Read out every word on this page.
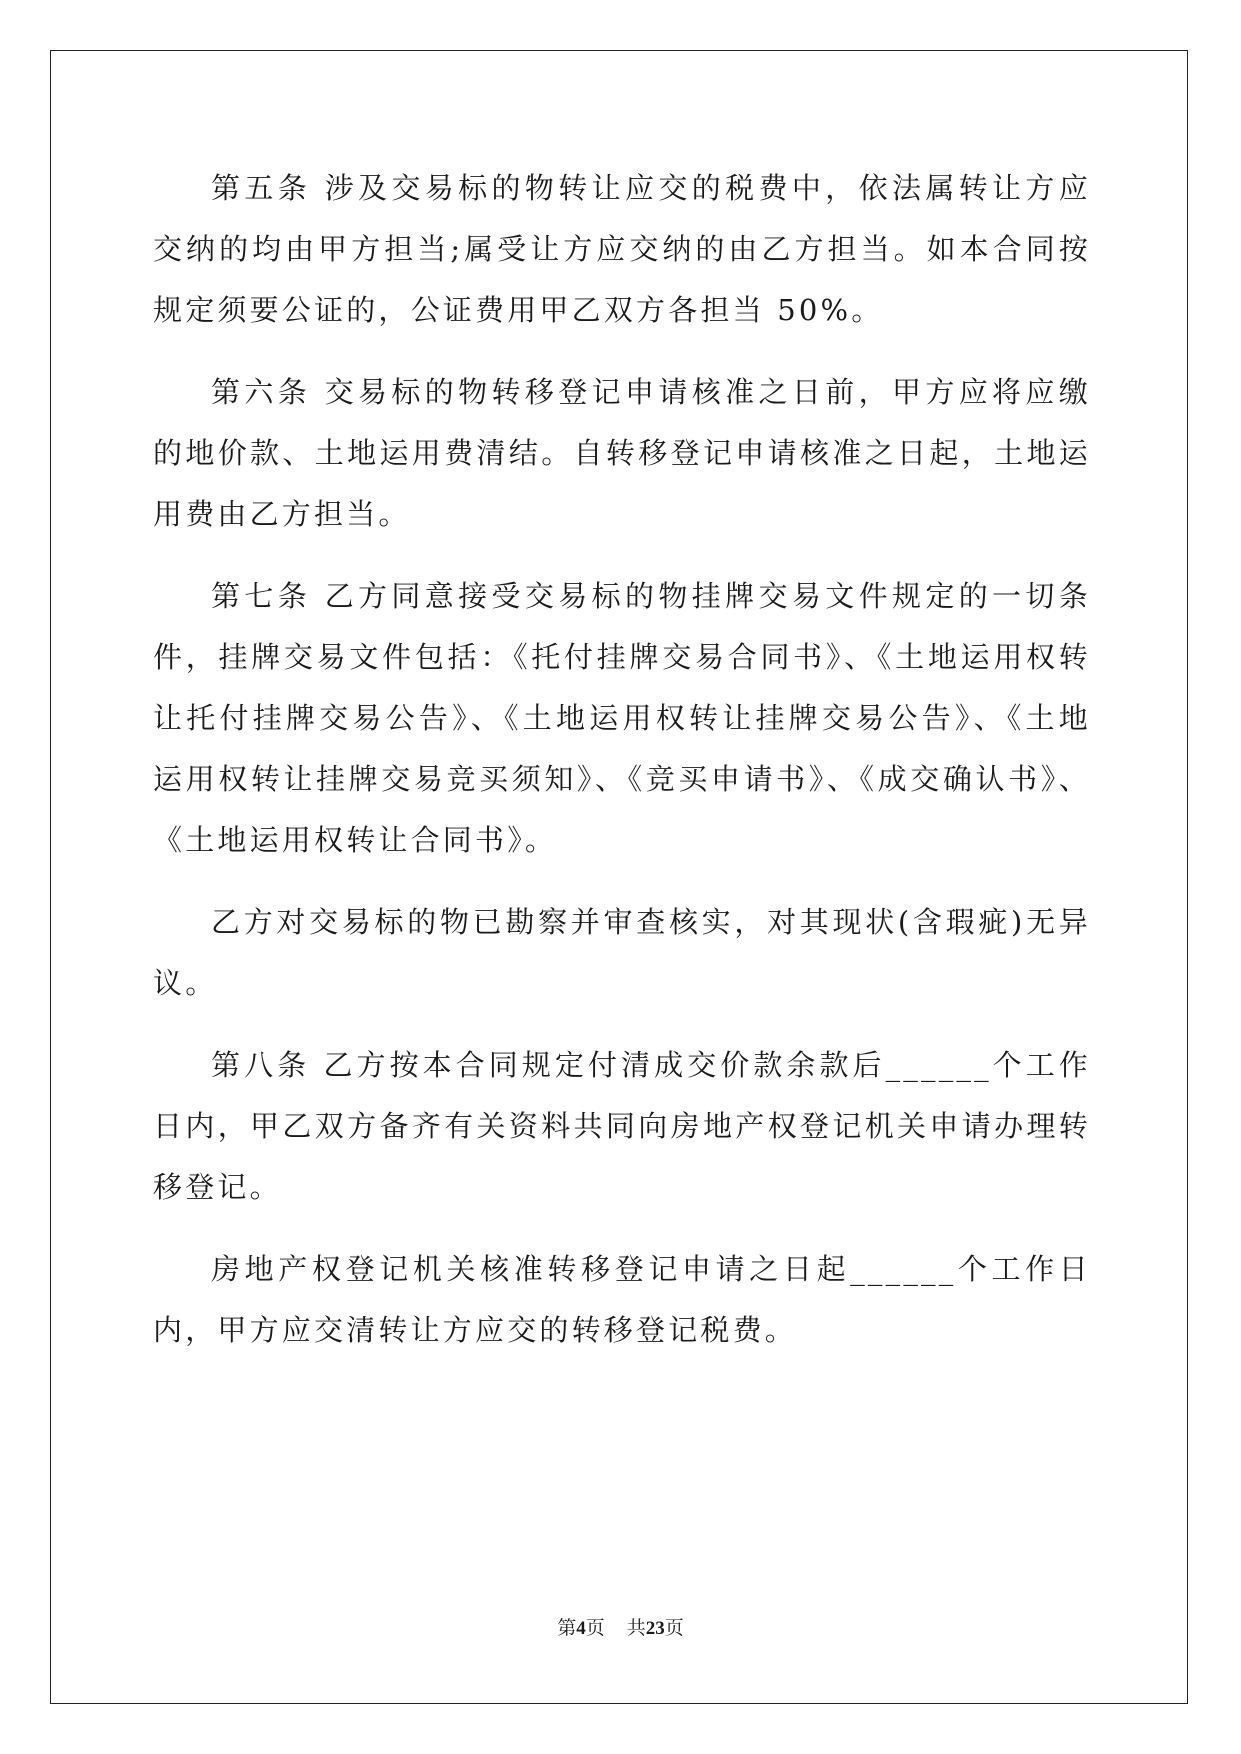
第五条 涉及交易标的物转让应交的税费中，依法属转让方应交纳的均由甲方担当;属受让方应交纳的由乙方担当。如本合同按规定须要公证的，公证费用甲乙双方各担当 50%。

第六条 交易标的物转移登记申请核准之日前，甲方应将应缴的地价款、土地运用费清结。自转移登记申请核准之日起，土地运用费由乙方担当。

第七条 乙方同意接受交易标的物挂牌交易文件规定的一切条件，挂牌交易文件包括：《托付挂牌交易合同书》、《土地运用权转让托付挂牌交易公告》、《土地运用权转让挂牌交易公告》、《土地运用权转让挂牌交易竞买须知》、《竞买申请书》、《成交确认书》、《土地运用权转让合同书》。

乙方对交易标的物已勘察并审查核实，对其现状(含瑕疵)无异议。

第八条 乙方按本合同规定付清成交价款余款后______个工作日内，甲乙双方备齐有关资料共同向房地产权登记机关申请办理转移登记。

房地产权登记机关核准转移登记申请之日起______个工作日内，甲方应交清转让方应交的转移登记税费。

第4页 共23页
